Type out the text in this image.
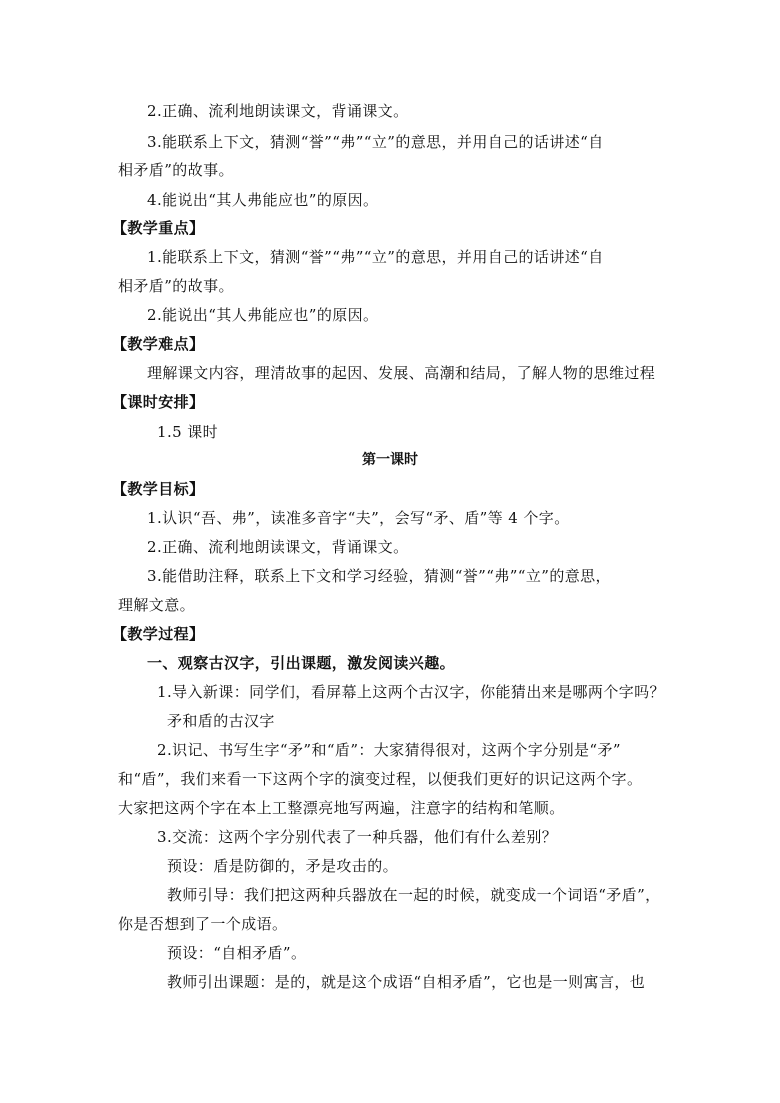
2.正确、流利地朗读课文，背诵课文。
3.能联系上下文，猜测“誉”“弗”“立”的意思，并用自己的话讲述“自
相矛盾”的故事。
4.能说出“其人弗能应也”的原因。
【教学重点】
1.能联系上下文，猜测“誉”“弗”“立”的意思，并用自己的话讲述“自
相矛盾”的故事。
2.能说出“其人弗能应也”的原因。
【教学难点】
理解课文内容，理清故事的起因、发展、高潮和结局，了解人物的思维过程
【课时安排】
1.5 课时
第一课时
【教学目标】
1.认识“吾、弗”，读准多音字“夫”，会写“矛、盾”等 4 个字。
2.正确、流利地朗读课文，背诵课文。
3.能借助注释，联系上下文和学习经验，猜测“誉”“弗”“立”的意思，
理解文意。
【教学过程】
一、观察古汉字，引出课题，激发阅读兴趣。
1.导入新课：同学们，看屏幕上这两个古汉字，你能猜出来是哪两个字吗？
矛和盾的古汉字
2.识记、书写生字“矛”和“盾”：大家猜得很对，这两个字分别是“矛”
和“盾”，我们来看一下这两个字的演变过程，以便我们更好的识记这两个字。
大家把这两个字在本上工整漂亮地写两遍，注意字的结构和笔顺。
3.交流：这两个字分别代表了一种兵器，他们有什么差别？
预设：盾是防御的，矛是攻击的。
教师引导：我们把这两种兵器放在一起的时候，就变成一个词语“矛盾”，
你是否想到了一个成语。
预设：“自相矛盾”。
教师引出课题：是的，就是这个成语“自相矛盾”，它也是一则寓言，也
